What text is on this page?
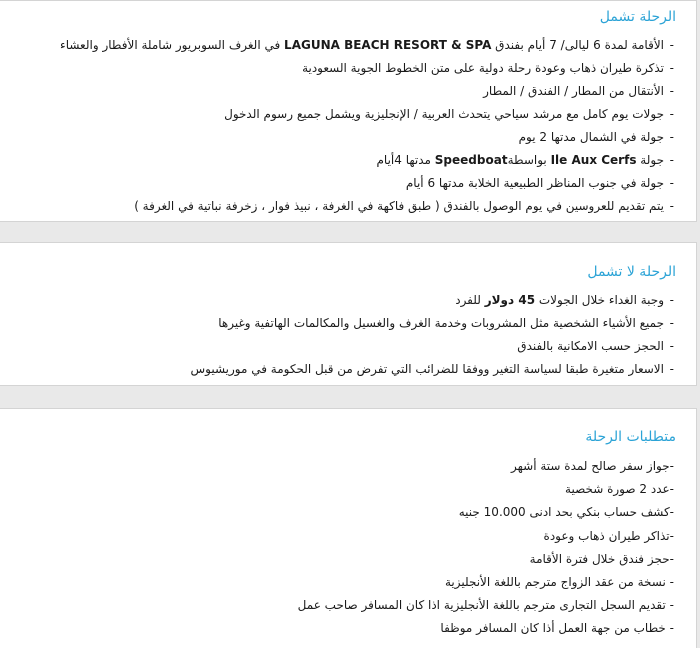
الرحلة تشمل
-الأقامة لمدة 6 ليالى/ 7 أيام بفندق LAGUNA BEACH RESORT & SPA في الغرف السوبريور شاملة الأفطار والعشاء
-تذكرة طيران ذهاب وعودة رحلة دولية على متن الخطوط الجوية السعودية
-الأنتقال من المطار / الفندق / المطار
-جولات يوم كامل مع مرشد سياحي يتحدث العربية / الإنجليزية ويشمل جميع رسوم الدخول
-جولة في الشمال مدتها 2 يوم
-جولة Ile Aux Cerfs بواسطةSpeedboat مدتها 4أيام
-جولة في جنوب المناظر الطبيعية الخلابة مدتها 6 أيام
-يتم تقديم للعروسين في يوم الوصول بالفندق ( طبق فاكهة في الغرفة ، نبيذ فوار ، زخرفة نباتية في الغرفة )
الرحلة لا تشمل
-وجبة الغداء خلال الجولات 45 دولار للفرد
-جميع الأشياء الشخصية مثل المشروبات وخدمة الغرف والغسيل والمكالمات الهاتفية وغيرها
-الحجز حسب الامكانية بالفندق
-الاسعار متغيرة طبقا لسياسة التغير ووفقا للضرائب التي تفرض من قبل الحكومة في موريشيوس
متطلبات الرحلة
-جواز سفر صالح لمدة ستة أشهر
-عدد 2 صورة شخصية
-كشف حساب بنكي بحد ادنى 10.000 جنيه
-تذاكر طيران ذهاب وعودة
-حجز فندق خلال فترة الأقامة
- نسخة من عقد الزواج مترجم باللغة الأنجليزية
- تقديم السجل التجارى مترجم باللغة الأنجليزية اذا كان المسافر صاحب عمل
- خطاب من جهة العمل أذا كان المسافر موظفا
